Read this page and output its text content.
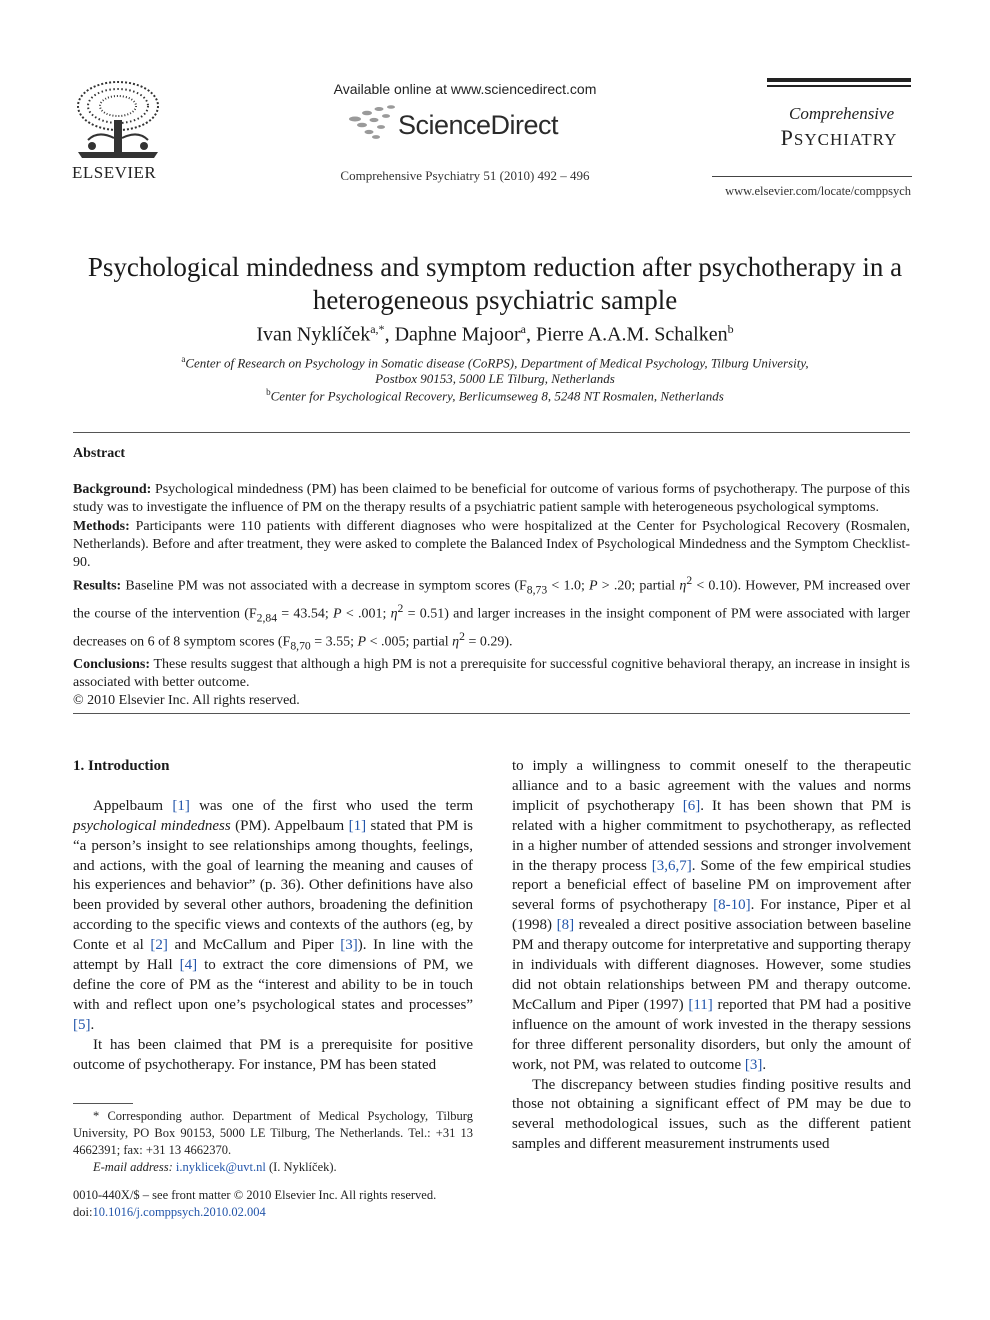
ELSEVIER
Available online at www.sciencedirect.com
ScienceDirect
Comprehensive Psychiatry 51 (2010) 492 – 496
Comprehensive
PSYCHIATRY
www.elsevier.com/locate/comppsych
Psychological mindedness and symptom reduction after psychotherapy in a heterogeneous psychiatric sample
Ivan Nyklíček$^{a,*}$, Daphne Majoor$^a$, Pierre A.A.M. Schalken$^b$
$^a$Center of Research on Psychology in Somatic disease (CoRPS), Department of Medical Psychology, Tilburg University,
Postbox 90153, 5000 LE Tilburg, Netherlands
$^b$Center for Psychological Recovery, Berlicumseweg 8, 5248 NT Rosmalen, Netherlands
Abstract

Background: Psychological mindedness (PM) has been claimed to be beneficial for outcome of various forms of psychotherapy. The purpose of this study was to investigate the influence of PM on the therapy results of a psychiatric patient sample with heterogeneous psychological symptoms.

Methods: Participants were 110 patients with different diagnoses who were hospitalized at the Center for Psychological Recovery (Rosmalen, Netherlands). Before and after treatment, they were asked to complete the Balanced Index of Psychological Mindedness and the Symptom Checklist-90.

Results: Baseline PM was not associated with a decrease in symptom scores ($F_{8,73} < 1.0$; P > .20; partial $\eta^2 < 0.10$). However, PM increased over the course of the intervention ($F_{2,84} = 43.54$; P < .001; $\eta^2 = 0.51$) and larger increases in the insight component of PM were associated with larger decreases on 6 of 8 symptom scores ($F_{8,70} = 3.55$; P < .005; partial $\eta^2 = 0.29$).

Conclusions: These results suggest that although a high PM is not a prerequisite for successful cognitive behavioral therapy, an increase in insight is associated with better outcome.

© 2010 Elsevier Inc. All rights reserved.

1. Introduction

Appelbaum [1] was one of the first who used the term psychological mindedness (PM). Appelbaum [1] stated that PM is “a person’s insight to see relationships among thoughts, feelings, and actions, with the goal of learning the meaning and causes of his experiences and behavior” (p. 36). Other definitions have also been provided by several other authors, broadening the definition according to the specific views and contexts of the authors (eg, by Conte et al [2] and McCallum and Piper [3]). In line with the attempt by Hall [4] to extract the core dimensions of PM, we define the core of PM as the “interest and ability to be in touch with and reflect upon one’s psychological states and processes” [5].

It has been claimed that PM is a prerequisite for positive outcome of psychotherapy. For instance, PM has been stated

to imply a willingness to commit oneself to the therapeutic alliance and to a basic agreement with the values and norms implicit of psychotherapy [6]. It has been shown that PM is related with a higher commitment to psychotherapy, as reflected in a higher number of attended sessions and stronger involvement in the therapy process [3,6,7]. Some of the few empirical studies report a beneficial effect of baseline PM on improvement after several forms of psychotherapy [8-10]. For instance, Piper et al (1998) [8] revealed a direct positive association between baseline PM and therapy outcome for interpretative and supporting therapy in individuals with different diagnoses. However, some studies did not obtain relationships between PM and therapy outcome. McCallum and Piper (1997) [11] reported that PM had a positive influence on the amount of work invested in the therapy sessions for three different personality disorders, but only the amount of work, not PM, was related to outcome [3].

The discrepancy between studies finding positive results and those not obtaining a significant effect of PM may be due to several methodological issues, such as the different patient samples and different measurement instruments used

* Corresponding author. Department of Medical Psychology, Tilburg University, PO Box 90153, 5000 LE Tilburg, The Netherlands. Tel.: +31 13 4662391; fax: +31 13 4662370.

E-mail address: i.nyklicek@uvt.nl (I. Nyklíček).

0010-440X/$ – see front matter © 2010 Elsevier Inc. All rights reserved.

doi:10.1016/j.comppsych.2010.02.004
